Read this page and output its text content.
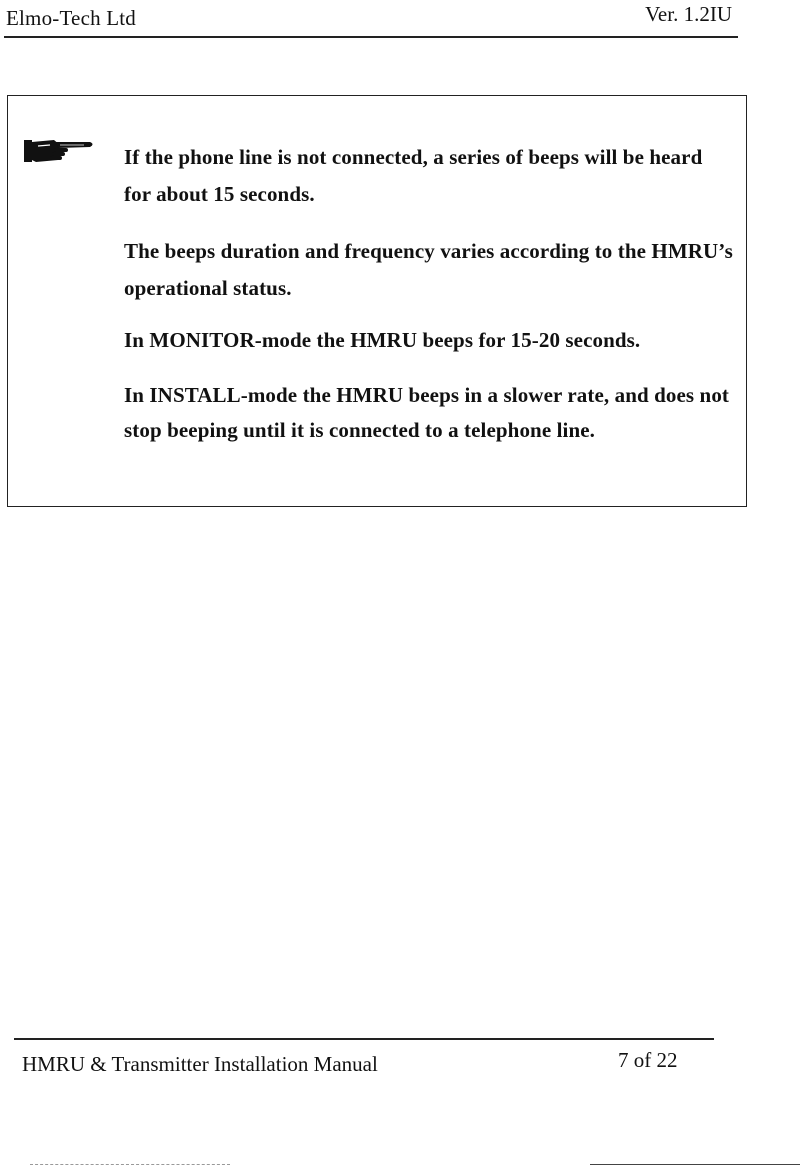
Elmo-Tech Ltd	Ver. 1.2IU

If the phone line is not connected, a series of beeps will be heard for about 15 seconds.

The beeps duration and frequency varies according to the HMRU’s operational status.

In MONITOR-mode the HMRU beeps for 15-20 seconds.

In INSTALL-mode the HMRU beeps in a slower rate, and does not stop beeping until it is connected to a telephone line.

HMRU & Transmitter Installation Manual	7 of 22
